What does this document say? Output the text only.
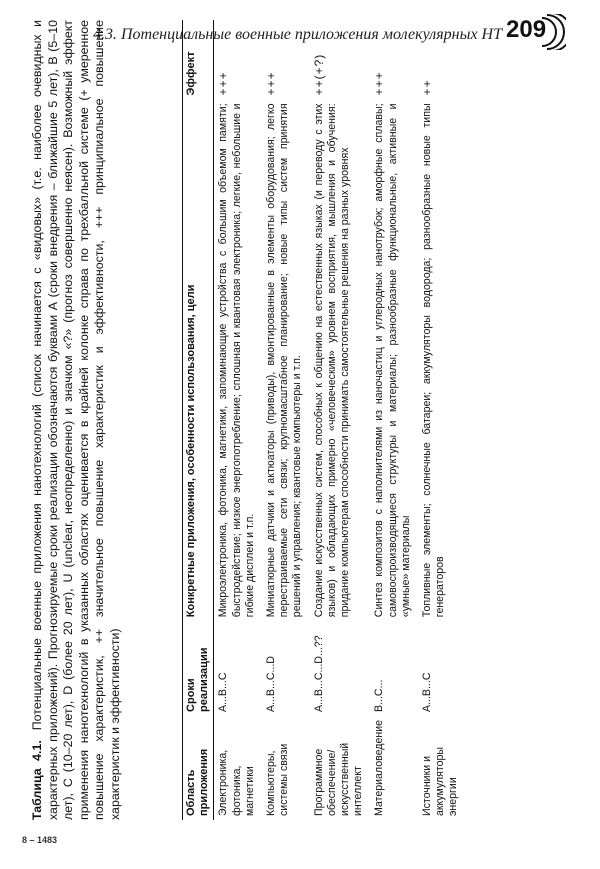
4.3. Потенциальные военные приложения молекулярных НТ 209
Таблица 4.1.Потенциальные военные приложения нанотехнологий (список начинается с «видовых» (т.е. наиболее очевидных и характерных приложений). Прогнозируемые сроки реализации обозначаются буквами А (сроки внедрения – ближайшие 5 лет), В (5–10 лет), С (10–20 лет), D (более 20 лет), U (unclear, неопределенно) и значком «?» (прогноз совершенно неясен). Возможный эффект применения нанотехнологий в указанных областях оценивается в крайней колонке справа по трехбалльной системе (+ умеренное повышение характеристик, ++ значительное повышение характеристик и эффективности, +++ принципиальное повышение характеристик и эффективности)	Область приложения	Сроки реализации	Конкретные приложения, особенности использования, цели	Эффект
Электроника, фотоника, магнетики	A...B...C	Микроэлектроника, фотоника, магнетики, запоминающие устройства с большим объемом памяти; быстродействие; низкое энергопотребление; сплошная и квантовая электроника; легкие, небольшие и гибкие дисплеи и т.п.	+++
Компьютеры, системы связи	A...B...C...D	Миниатюрные датчики и актюаторы (приводы), вмонтированные в элементы оборудования; легко перестраиваемые сети связи; крупномасштабное планирование; новые типы систем принятия решений и управления; квантовые компьютеры и т.п.	+++
Программное обеспечение/ искусственный интеллект	A...B...C...D...??	Создание искусственных систем, способных к общению на естественных языках (и переводу с этих языков) и обладающих примерно «человеческим» уровнем восприятия, мышления и обучения: придание компьютерам способности принимать самостоятельные решения на разных уровнях	++(+?)
Материаловедение	B...C...	Синтез композитов с наполнителями из наночастиц и углеродных нанотрубок; аморфные сплавы; самовоспроизводящиеся структуры и материалы; разнообразные функциональные, активные и «умные» материалы	+++
Источники и аккумуляторы энергии	A...B...C	Топливные элементы; солнечные батареи; аккумуляторы водорода; разнообразные новые типы генераторов	++
8 – 1483
